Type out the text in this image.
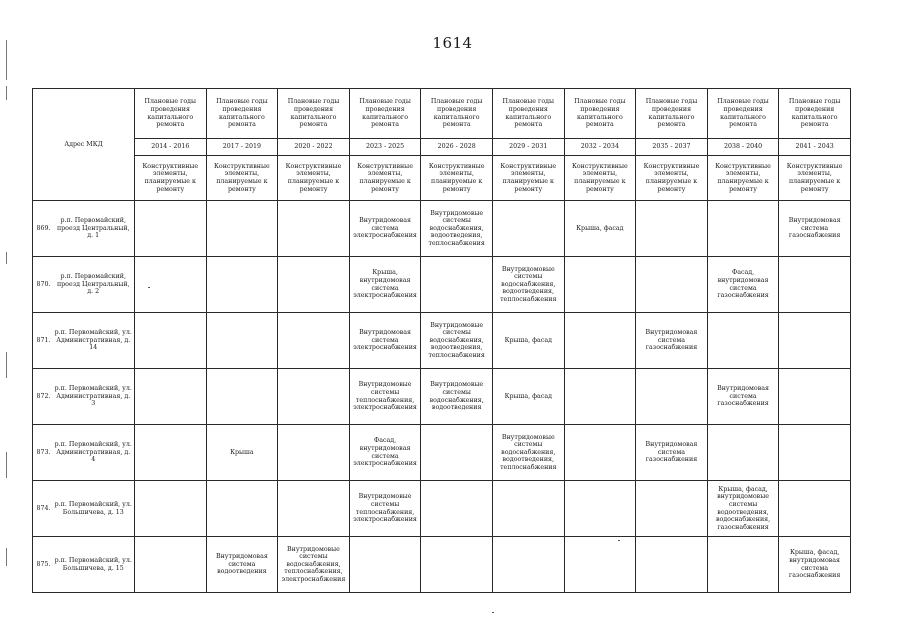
1614
Адрес МКД		Плановые годы проведения капитального ремонта	Плановые годы проведения капитального ремонта	Плановые годы проведения капитального ремонта	Плановые годы проведения капитального ремонта	Плановые годы проведения капитального ремонта	Плановые годы проведения капитального ремонта	Плановые годы проведения капитального ремонта	Плановые годы проведения капитального ремонта	Плановые годы проведения капитального ремонта	Плановые годы проведения капитального ремонта
		2014 - 2016	2017 - 2019	2020 - 2022	2023 - 2025	2026 - 2028	2029 - 2031	2032 - 2034	2035 - 2037	2038 - 2040	2041 - 2043
		Конструктивные элементы, планируемые к ремонту	Конструктивные элементы, планируемые к ремонту	Конструктивные элементы, планируемые к ремонту	Конструктивные элементы, планируемые к ремонту	Конструктивные элементы, планируемые к ремонту	Конструктивные элементы, планируемые к ремонту	Конструктивные элементы, планируемые к ремонту	Конструктивные элементы, планируемые к ремонту	Конструктивные элементы, планируемые к ремонту	Конструктивные элементы, планируемые к ремонту
869.	р.п. Первомайский, проезд Центральный, д. 1				Внутридомовая система электроснабжения	Внутридомовые системы водоснабжения, водоотведения, теплоснабжения		Крыша, фасад			Внутридомовая система газоснабжения
870.	р.п. Первомайский, проезд Центральный, д. 2				Крыша, внутридомовая система электроснабжения		Внутридомовые системы водоснабжения, водоотведения, теплоснабжения			Фасад, внутридомовая система газоснабжения	
871.	р.п. Первомайский, ул. Административная, д. 14				Внутридомовая система электроснабжения	Внутридомовые системы водоснабжения, водоотведения, теплоснабжения	Крыша, фасад		Внутридомовая система газоснабжения		
872.	р.п. Первомайский, ул. Административная, д. 3				Внутридомовые системы теплоснабжения, электроснабжения	Внутридомовые системы водоснабжения, водоотведения	Крыша, фасад			Внутридомовая система газоснабжения	
873.	р.п. Первомайский, ул. Административная, д. 4		Крыша		Фасад, внутридомовая система электроснабжения		Внутридомовые системы водоснабжения, водоотведения, теплоснабжения		Внутридомовая система газоснабжения		
874.	р.п. Первомайский, ул. Большичева, д. 13				Внутридомовые системы теплоснабжения, электроснабжения					Крыша, фасад, внутридомовые системы водоотведения, водоснабжения, газоснабжения	
875.	р.п. Первомайский, ул. Большичева, д. 15		Внутридомовая система водоотведения	Внутридомовые системы водоснабжения, теплоснабжения, электроснабжения							Крыша, фасад, внутридомовая система газоснабжения
